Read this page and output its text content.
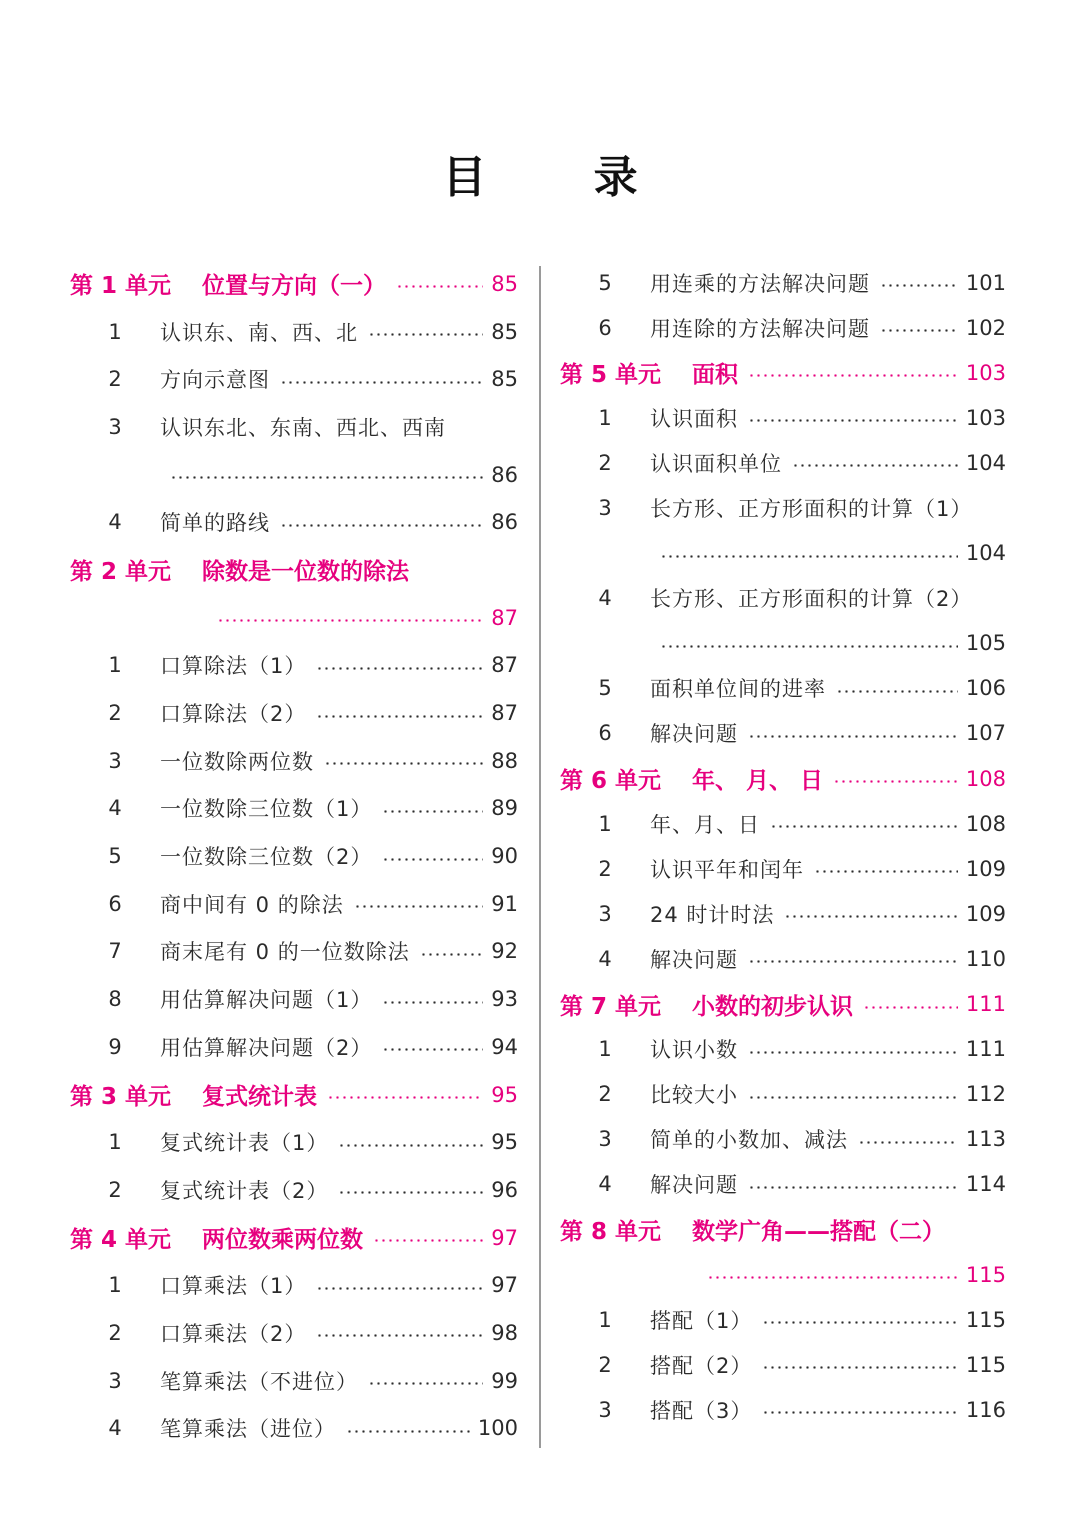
目 录
第 1 单元	位置与方向（一）	85
1	认识东、南、西、北	85
2	方向示意图	85
3	认识东北、东南、西北、西南
86
4	简单的路线	86
第 2 单元	除数是一位数的除法
87
1	口算除法（1）	87
2	口算除法（2）	87
3	一位数除两位数	88
4	一位数除三位数（1）	89
5	一位数除三位数（2）	90
6	商中间有 0 的除法	91
7	商末尾有 0 的一位数除法	92
8	用估算解决问题（1）	93
9	用估算解决问题（2）	94
第 3 单元	复式统计表	95
1	复式统计表（1）	95
2	复式统计表（2）	96
第 4 单元	两位数乘两位数	97
1	口算乘法（1）	97
2	口算乘法（2）	98
3	笔算乘法（不进位）	99
4	笔算乘法（进位）	100
5	用连乘的方法解决问题	101
6	用连除的方法解决问题	102
第 5 单元	面积	103
1	认识面积	103
2	认识面积单位	104
3	长方形、正方形面积的计算（1）
104
4	长方形、正方形面积的计算（2）
105
5	面积单位间的进率	106
6	解决问题	107
第 6 单元	年、 月、 日	108
1	年、月、日	108
2	认识平年和闰年	109
3	24 时计时法	109
4	解决问题	110
第 7 单元	小数的初步认识	111
1	认识小数	111
2	比较大小	112
3	简单的小数加、减法	113
4	解决问题	114
第 8 单元	数学广角——搭配（二）
115
1	搭配（1）	115
2	搭配（2）	115
3	搭配（3）	116
